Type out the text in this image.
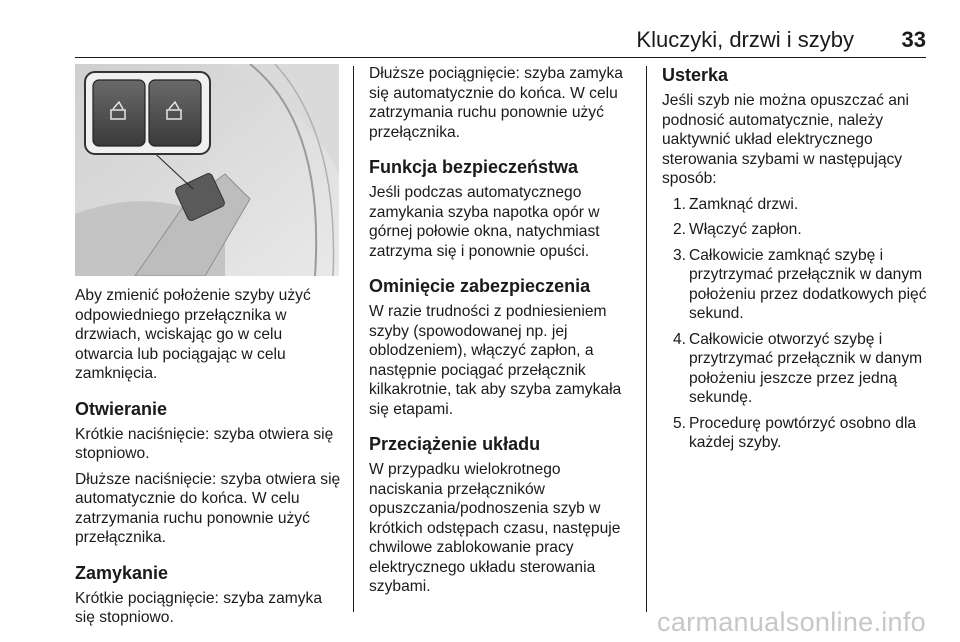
Kluczyki, drzwi i szyby 33

Aby zmienić położenie szyby użyć odpowiedniego przełącznika w drzwiach, wciskając go w celu otwarcia lub pociągając w celu zamknięcia.

Otwieranie

Krótkie naciśnięcie: szyba otwiera się stopniowo.

Dłuższe naciśnięcie: szyba otwiera się automatycznie do końca. W celu zatrzymania ruchu ponownie użyć przełącznika.

Zamykanie

Krótkie pociągnięcie: szyba zamyka się stopniowo.

Dłuższe pociągnięcie: szyba zamyka się automatycznie do końca. W celu zatrzymania ruchu ponownie użyć przełącznika.

Funkcja bezpieczeństwa

Jeśli podczas automatycznego zamykania szyba napotka opór w górnej połowie okna, natychmiast zatrzyma się i ponownie opuści.

Ominięcie zabezpieczenia

W razie trudności z podniesieniem szyby (spowodowanej np. jej oblodzeniem), włączyć zapłon, a następnie pociągać przełącznik kilkakrotnie, tak aby szyba zamykała się etapami.

Przeciążenie układu

W przypadku wielokrotnego naciskania przełączników opuszczania/podnoszenia szyb w krótkich odstępach czasu, następuje chwilowe zablokowanie pracy elektrycznego układu sterowania szybami.

Usterka

Jeśli szyb nie można opuszczać ani podnosić automatycznie, należy uaktywnić układ elektrycznego sterowania szybami w następujący sposób:

1. Zamknąć drzwi.
2. Włączyć zapłon.
3. Całkowicie zamknąć szybę i przytrzymać przełącznik w danym położeniu przez dodatkowych pięć sekund.
4. Całkowicie otworzyć szybę i przytrzymać przełącznik w danym położeniu jeszcze przez jedną sekundę.
5. Procedurę powtórzyć osobno dla każdej szyby.
carmanualsonline.info
